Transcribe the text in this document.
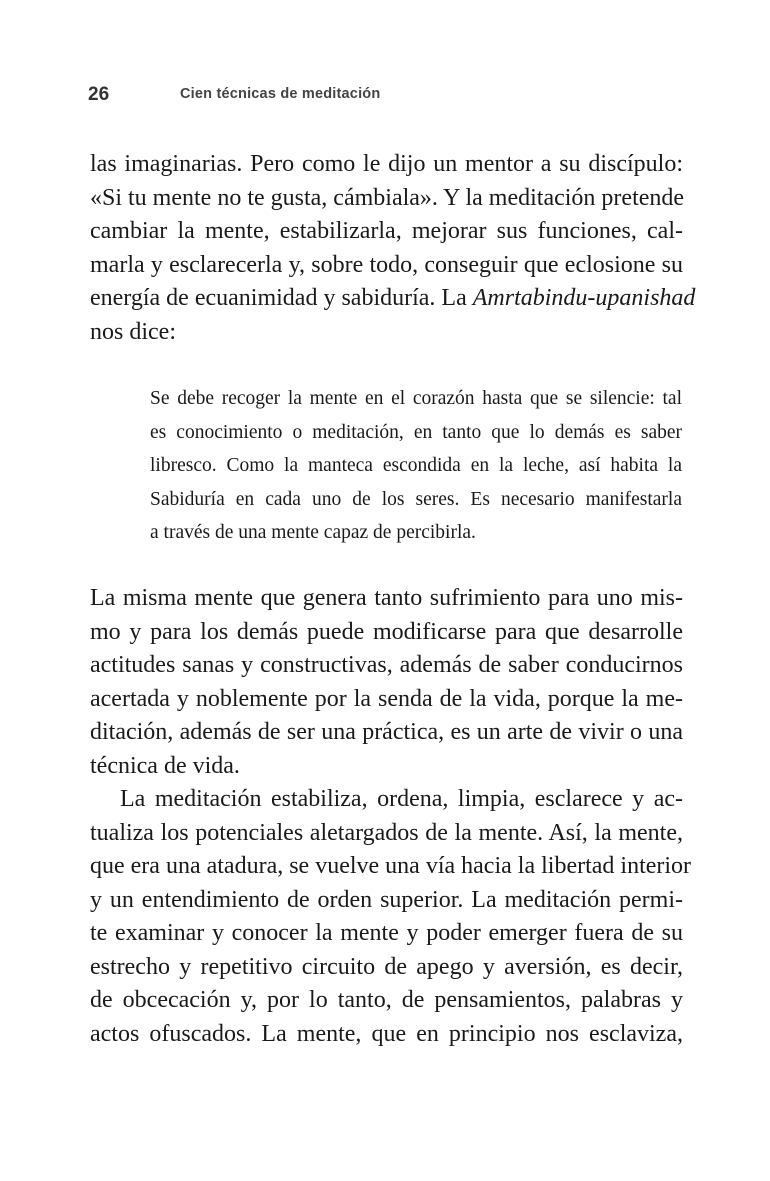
26	Cien técnicas de meditación
las imaginarias. Pero como le dijo un mentor a su discípulo:
«Si tu mente no te gusta, cámbiala». Y la meditación pretende
cambiar la mente, estabilizarla, mejorar sus funciones, cal-
marla y esclarecerla y, sobre todo, conseguir que eclosione su
energía de ecuanimidad y sabiduría. La Amrtabindu-upanishad
nos dice:
Se debe recoger la mente en el corazón hasta que se silencie: tal
es conocimiento o meditación, en tanto que lo demás es saber
libresco. Como la manteca escondida en la leche, así habita la
Sabiduría en cada uno de los seres. Es necesario manifestarla
a través de una mente capaz de percibirla.
La misma mente que genera tanto sufrimiento para uno mis-
mo y para los demás puede modificarse para que desarrolle
actitudes sanas y constructivas, además de saber conducirnos
acertada y noblemente por la senda de la vida, porque la me-
ditación, además de ser una práctica, es un arte de vivir o una
técnica de vida.
La meditación estabiliza, ordena, limpia, esclarece y ac-
tualiza los potenciales aletargados de la mente. Así, la mente,
que era una atadura, se vuelve una vía hacia la libertad interior
y un entendimiento de orden superior. La meditación permi-
te examinar y conocer la mente y poder emerger fuera de su
estrecho y repetitivo circuito de apego y aversión, es decir,
de obcecación y, por lo tanto, de pensamientos, palabras y
actos ofuscados. La mente, que en principio nos esclaviza,
